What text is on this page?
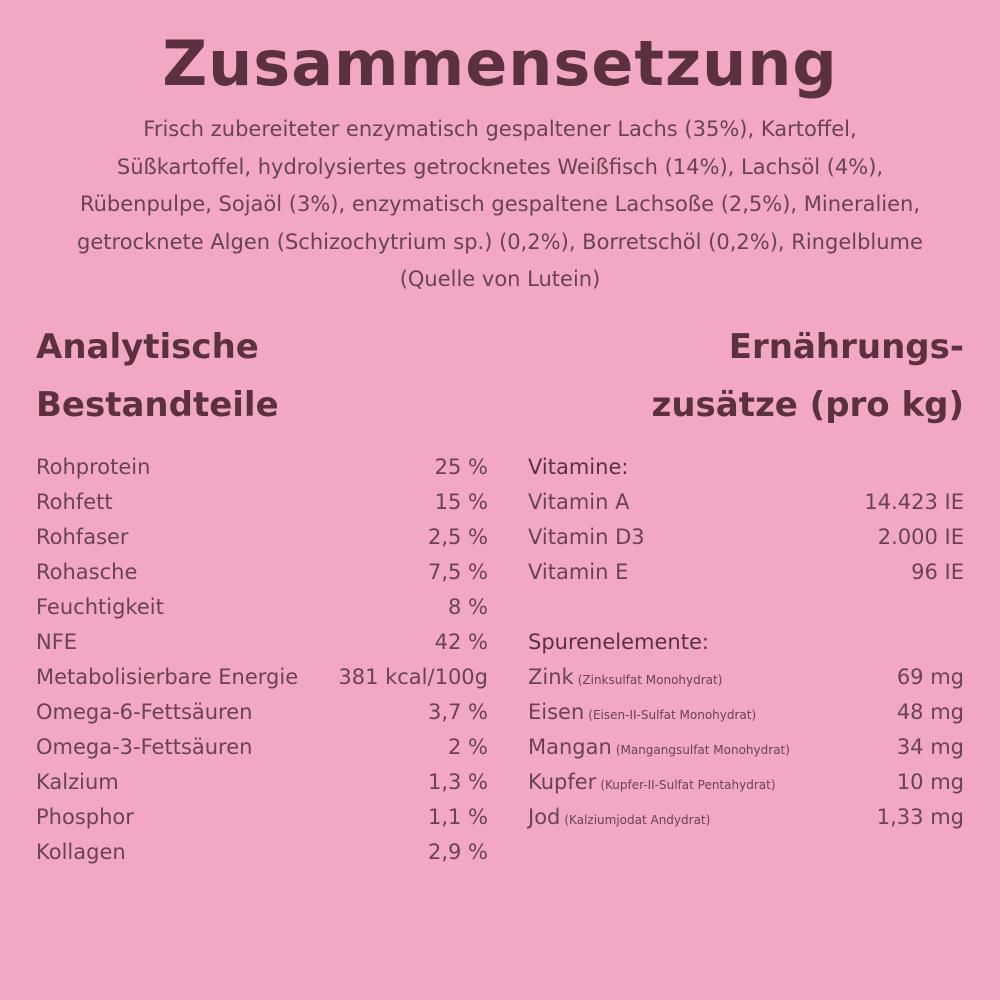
Zusammensetzung
Frisch zubereiteter enzymatisch gespaltener Lachs (35%), Kartoffel,
Süßkartoffel, hydrolysiertes getrocknetes Weißfisch (14%), Lachsöl (4%),
Rübenpulpe, Sojaöl (3%), enzymatisch gespaltene Lachsoße (2,5%), Mineralien,
getrocknete Algen (Schizochytrium sp.) (0,2%), Borretschöl (0,2%), Ringelblume
(Quelle von Lutein)
Analytische
Bestandteile
Ernährungs-
zusätze (pro kg)
Rohprotein	25 %
Rohfett	15 %
Rohfaser	2,5 %
Rohasche	7,5 %
Feuchtigkeit	8 %
NFE	42 %
Metabolisierbare Energie 381 kcal/100g
Omega-6-Fettsäuren	3,7 %
Omega-3-Fettsäuren	2 %
Kalzium	1,3 %
Phosphor	1,1 %
Kollagen	2,9 %
Vitamine:
Vitamin A	14.423 IE
Vitamin D3	2.000 IE
Vitamin E	96 IE
Spurenelemente:
Zink (Zinksulfat Monohydrat)	69 mg
Eisen (Eisen-II-Sulfat Monohydrat)	48 mg
Mangan (Mangangsulfat Monohydrat)	34 mg
Kupfer (Kupfer-II-Sulfat Pentahydrat)	10 mg
Jod (Kalziumjodat Andydrat)	1,33 mg
